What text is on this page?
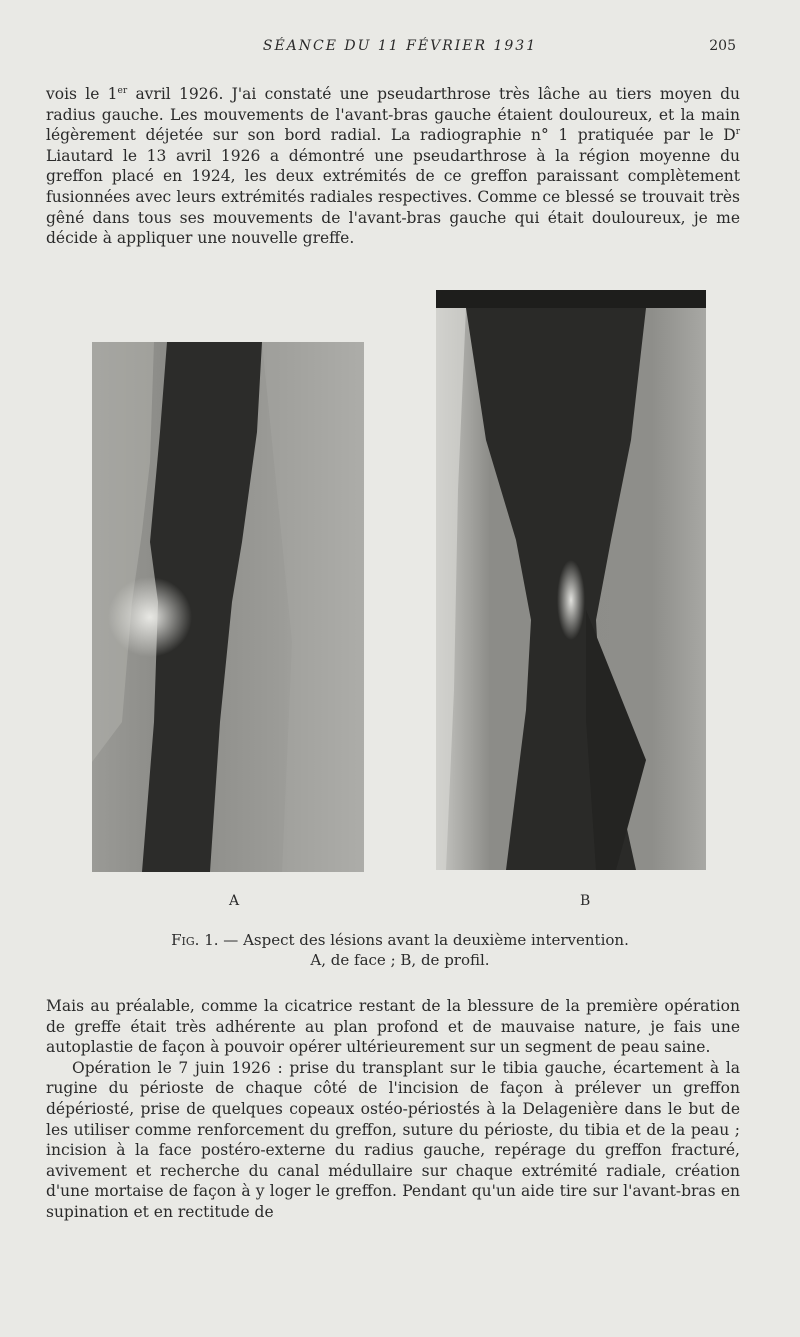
SÉANCE DU 11 FÉVRIER 1931	205

vois le 1er avril 1926. J'ai constaté une pseudarthrose très lâche au tiers moyen du radius gauche. Les mouvements de l'avant-bras gauche étaient douloureux, et la main légèrement déjetée sur son bord radial. La radiographie n° 1 pratiquée par le $D^r$ Liautard le 13 avril 1926 a démontré une pseudarthrose à la région moyenne du greffon placé en 1924, les deux extrémités de ce greffon paraissant complètement fusionnées avec leurs extrémités radiales respectives. Comme ce blessé se trouvait très gêné dans tous ses mouvements de l'avant-bras gauche qui était douloureux, je me décide à appliquer une nouvelle greffe.

A	B
Fig. 1. — Aspect des lésions avant la deuxième intervention.
A, de face ; B, de profil.

Mais au préalable, comme la cicatrice restant de la blessure de la première opération de greffe était très adhérente au plan profond et de mauvaise nature, je fais une autoplastie de façon à pouvoir opérer ultérieurement sur un segment de peau saine.

Opération le 7 juin 1926 : prise du transplant sur le tibia gauche, écartement à la rugine du périoste de chaque côté de l'incision de façon à prélever un greffon dépériosté, prise de quelques copeaux ostéo-périostés à la Delagenière dans le but de les utiliser comme renforcement du greffon, suture du périoste, du tibia et de la peau ; incision à la face postéro-externe du radius gauche, repérage du greffon fracturé, avivement et recherche du canal médullaire sur chaque extrémité radiale, création d'une mortaise de façon à y loger le greffon. Pendant qu'un aide tire sur l'avant-bras en supination et en rectitude de
